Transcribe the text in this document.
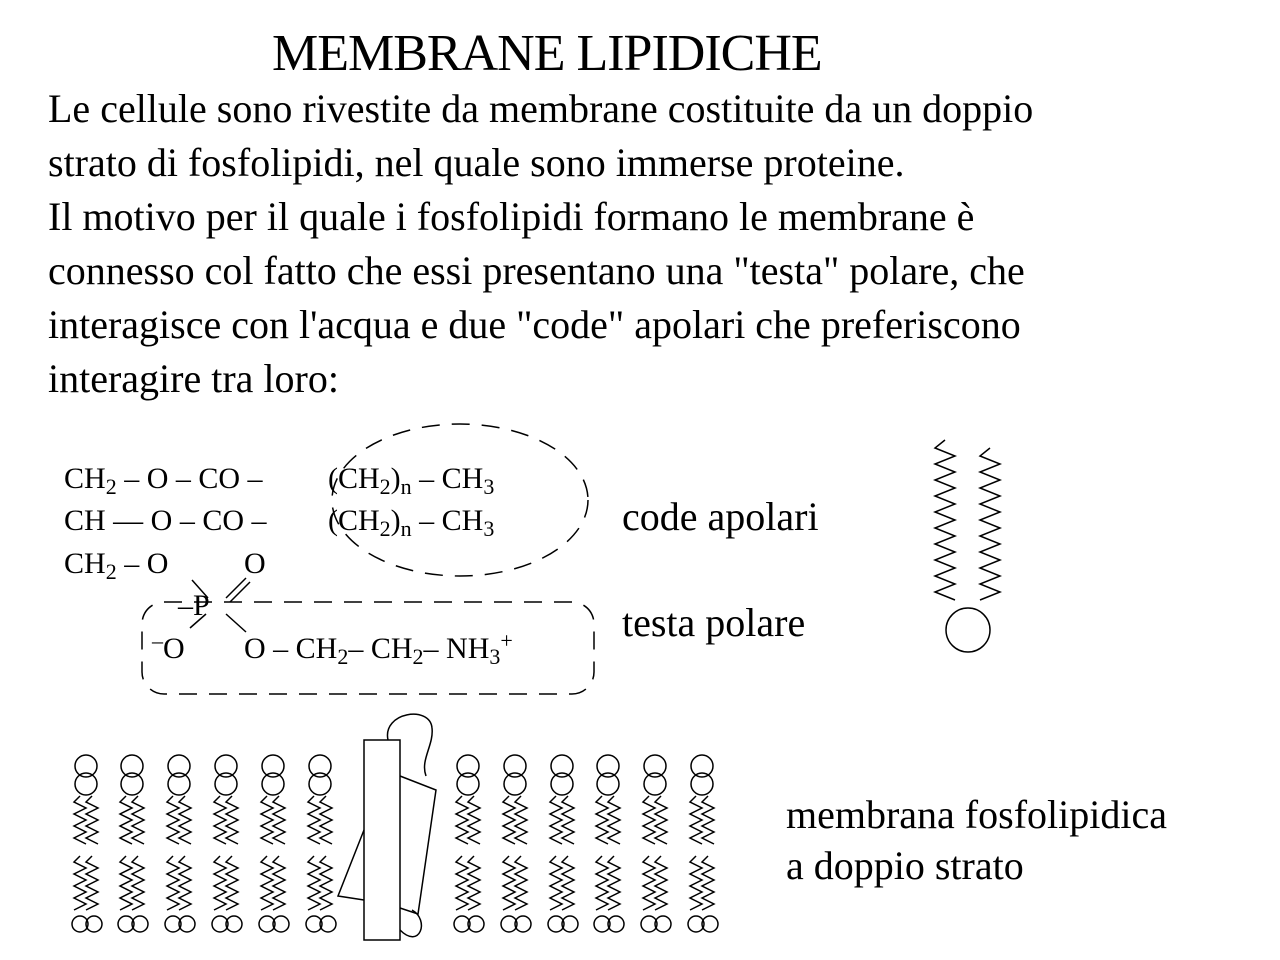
MEMBRANE LIPIDICHE
Le cellule sono rivestite da membrane costituite da un doppio
strato di fosfolipidi, nel quale sono immerse proteine.
Il motivo per il quale i fosfolipidi formano le membrane è
connesso col fatto che essi presentano una "testa" polare, che
interagisce con l'acqua e due "code" apolari che preferiscono
interagire tra loro:
$CH_2$ – O – CO – $(CH_2)_n - CH_3$
CH — O – CO – $(CH_2)_n - CH_3$
$CH_2$ – O	O
–P
–O O – $CH_2-$ $CH_2-$ $NH_3^+$
code apolari
testa polare
membrana fosfolipidica
a doppio strato
